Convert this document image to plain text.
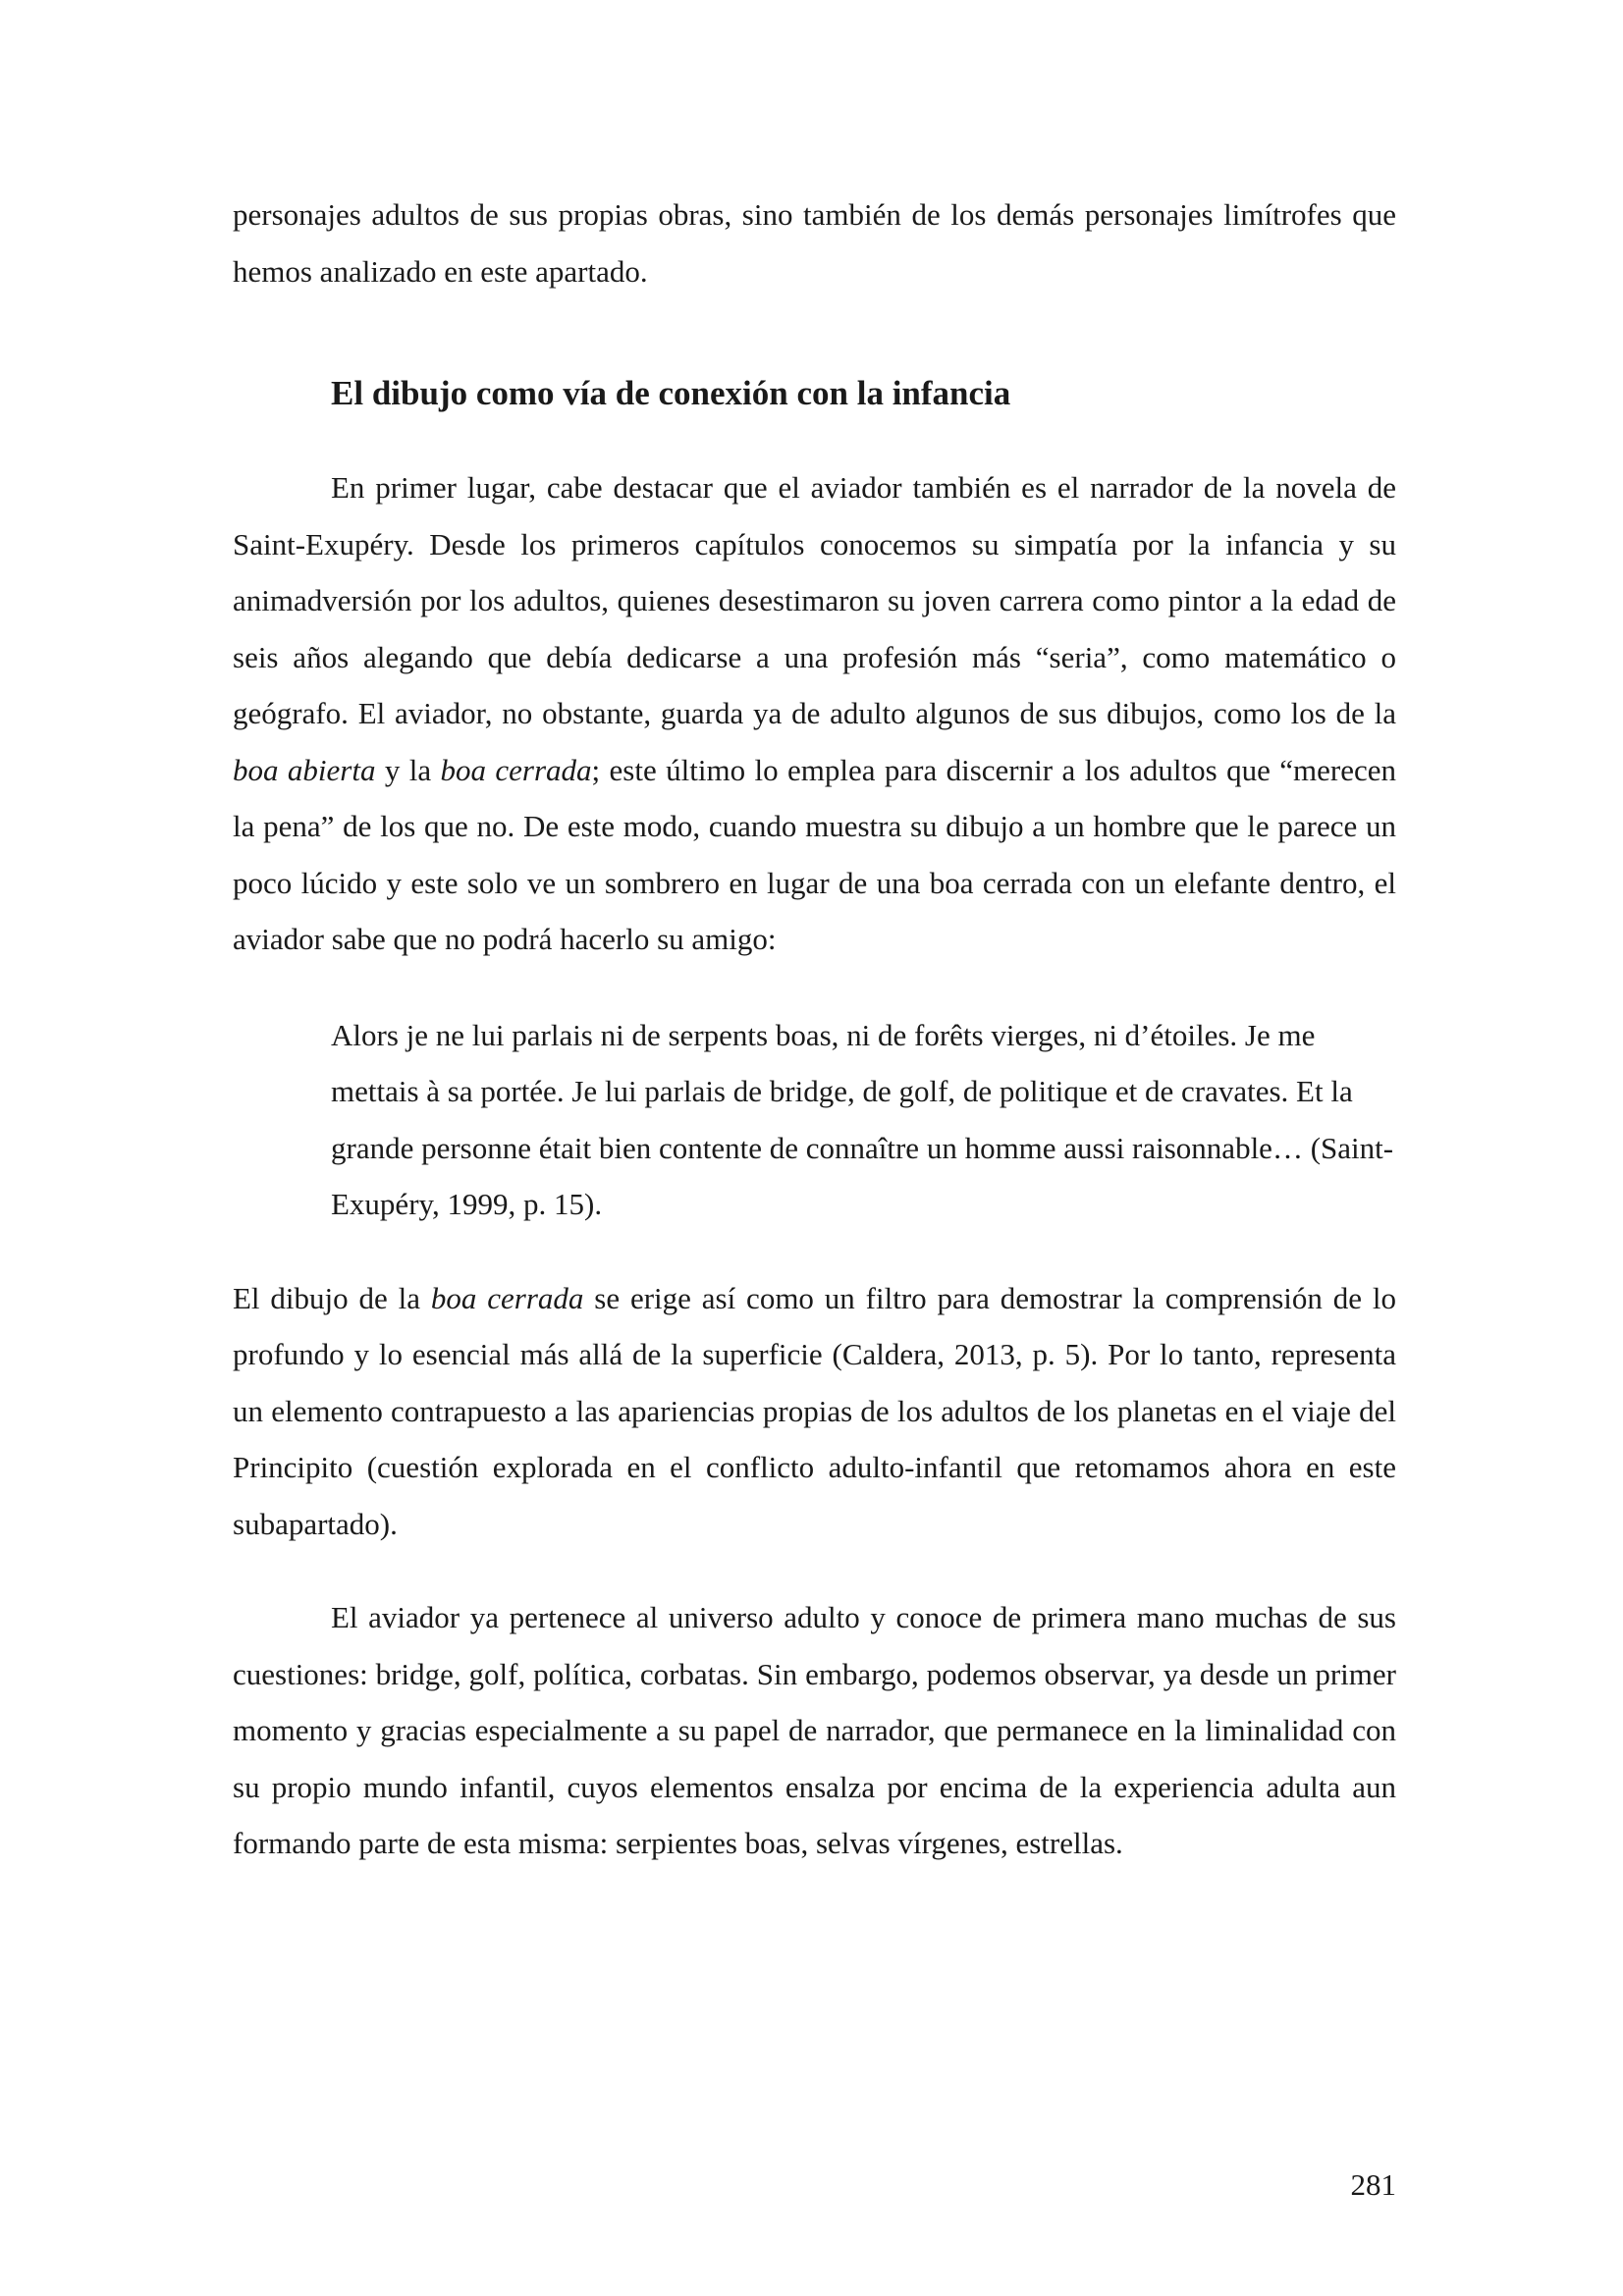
personajes adultos de sus propias obras, sino también de los demás personajes limítrofes que hemos analizado en este apartado.

El dibujo como vía de conexión con la infancia

En primer lugar, cabe destacar que el aviador también es el narrador de la novela de Saint-Exupéry. Desde los primeros capítulos conocemos su simpatía por la infancia y su animadversión por los adultos, quienes desestimaron su joven carrera como pintor a la edad de seis años alegando que debía dedicarse a una profesión más “seria”, como matemático o geógrafo. El aviador, no obstante, guarda ya de adulto algunos de sus dibujos, como los de la boa abierta y la boa cerrada; este último lo emplea para discernir a los adultos que “merecen la pena” de los que no. De este modo, cuando muestra su dibujo a un hombre que le parece un poco lúcido y este solo ve un sombrero en lugar de una boa cerrada con un elefante dentro, el aviador sabe que no podrá hacerlo su amigo:

Alors je ne lui parlais ni de serpents boas, ni de forêts vierges, ni d’étoiles. Je me mettais à sa portée. Je lui parlais de bridge, de golf, de politique et de cravates. Et la grande personne était bien contente de connaître un homme aussi raisonnable… (Saint-Exupéry, 1999, p. 15).

El dibujo de la boa cerrada se erige así como un filtro para demostrar la comprensión de lo profundo y lo esencial más allá de la superficie (Caldera, 2013, p. 5). Por lo tanto, representa un elemento contrapuesto a las apariencias propias de los adultos de los planetas en el viaje del Principito (cuestión explorada en el conflicto adulto-infantil que retomamos ahora en este subapartado).

El aviador ya pertenece al universo adulto y conoce de primera mano muchas de sus cuestiones: bridge, golf, política, corbatas. Sin embargo, podemos observar, ya desde un primer momento y gracias especialmente a su papel de narrador, que permanece en la liminalidad con su propio mundo infantil, cuyos elementos ensalza por encima de la experiencia adulta aun formando parte de esta misma: serpientes boas, selvas vírgenes, estrellas.

281
